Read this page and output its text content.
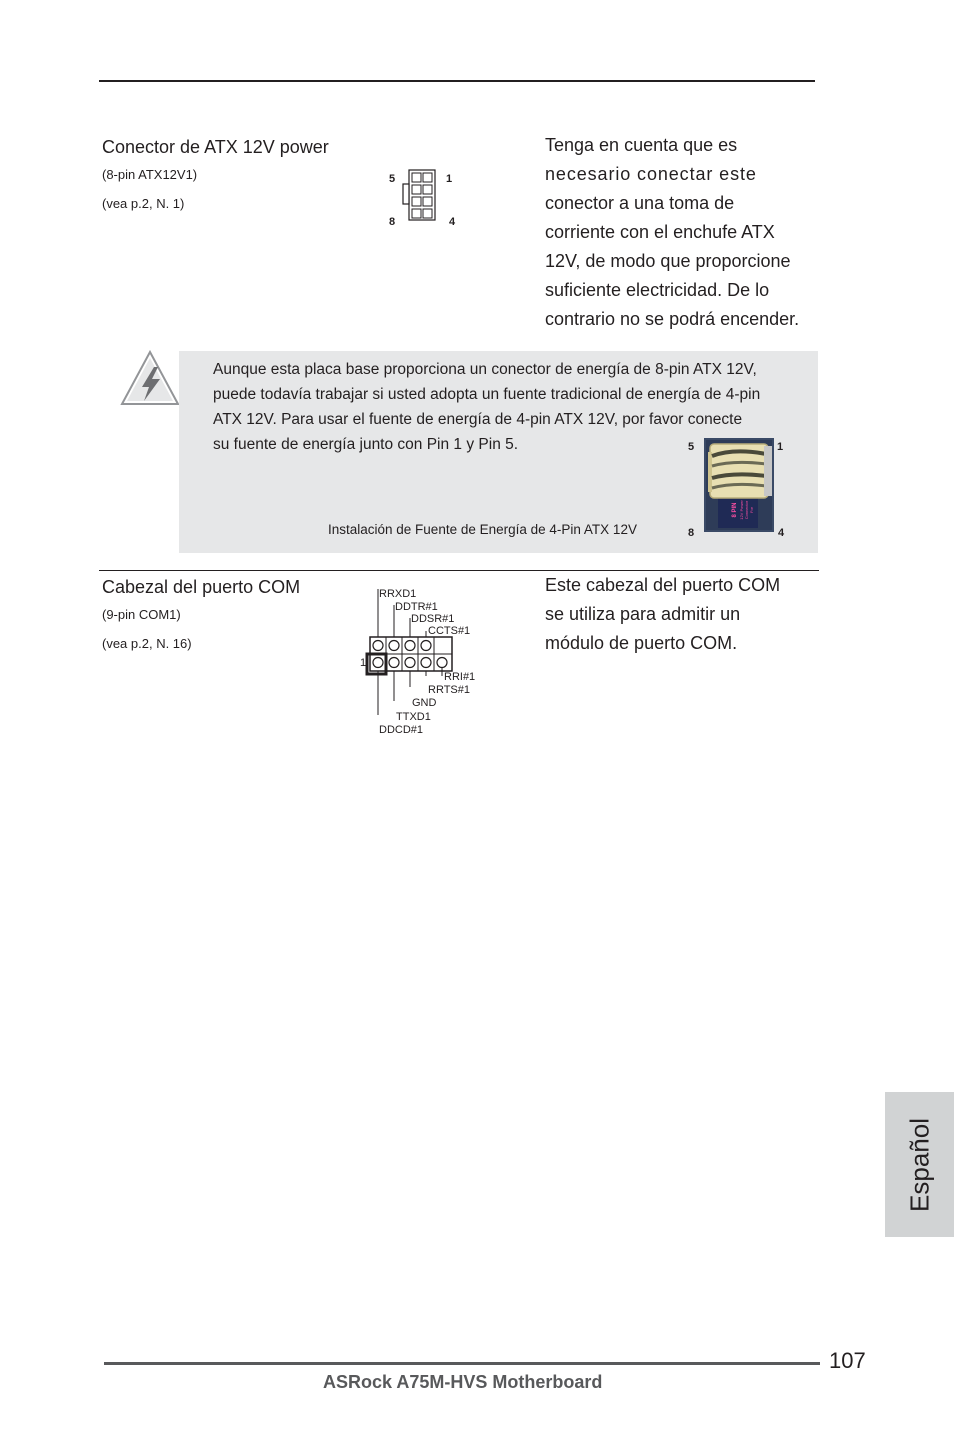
Conector de ATX 12V power
(8-pin ATX12V1)
(vea p.2, N. 1)
5	1
8	4
Tenga en cuenta que es
necesario conectar este
conector a una toma de
corriente con el enchufe ATX
12V, de modo que proporcione
suficiente electricidad. De lo
contrario no se podrá encender.
Aunque esta placa base proporciona un conector de energía de 8-pin ATX 12V,
puede todavía trabajar si usted adopta un fuente tradicional de energía de 4-pin
ATX 12V. Para usar el fuente de energía de 4-pin ATX 12V, por favor conecte
su fuente de energía junto con Pin 1 y Pin 5.
Instalación de Fuente de Energía de 4-Pin ATX 12V
5	1
8	4
8 PIN 12V Power Connector For
Cabezal del puerto COM
(9-pin COM1)
(vea p.2, N. 16)
1
RRXD1
DDTR#1
DDSR#1
CCTS#1
RRI#1
RRTS#1
GND
TTXD1
DDCD#1
Este cabezal del puerto COM
se utiliza para admitir un
módulo de puerto COM.
Español
107
ASRock A75M-HVS Motherboard
